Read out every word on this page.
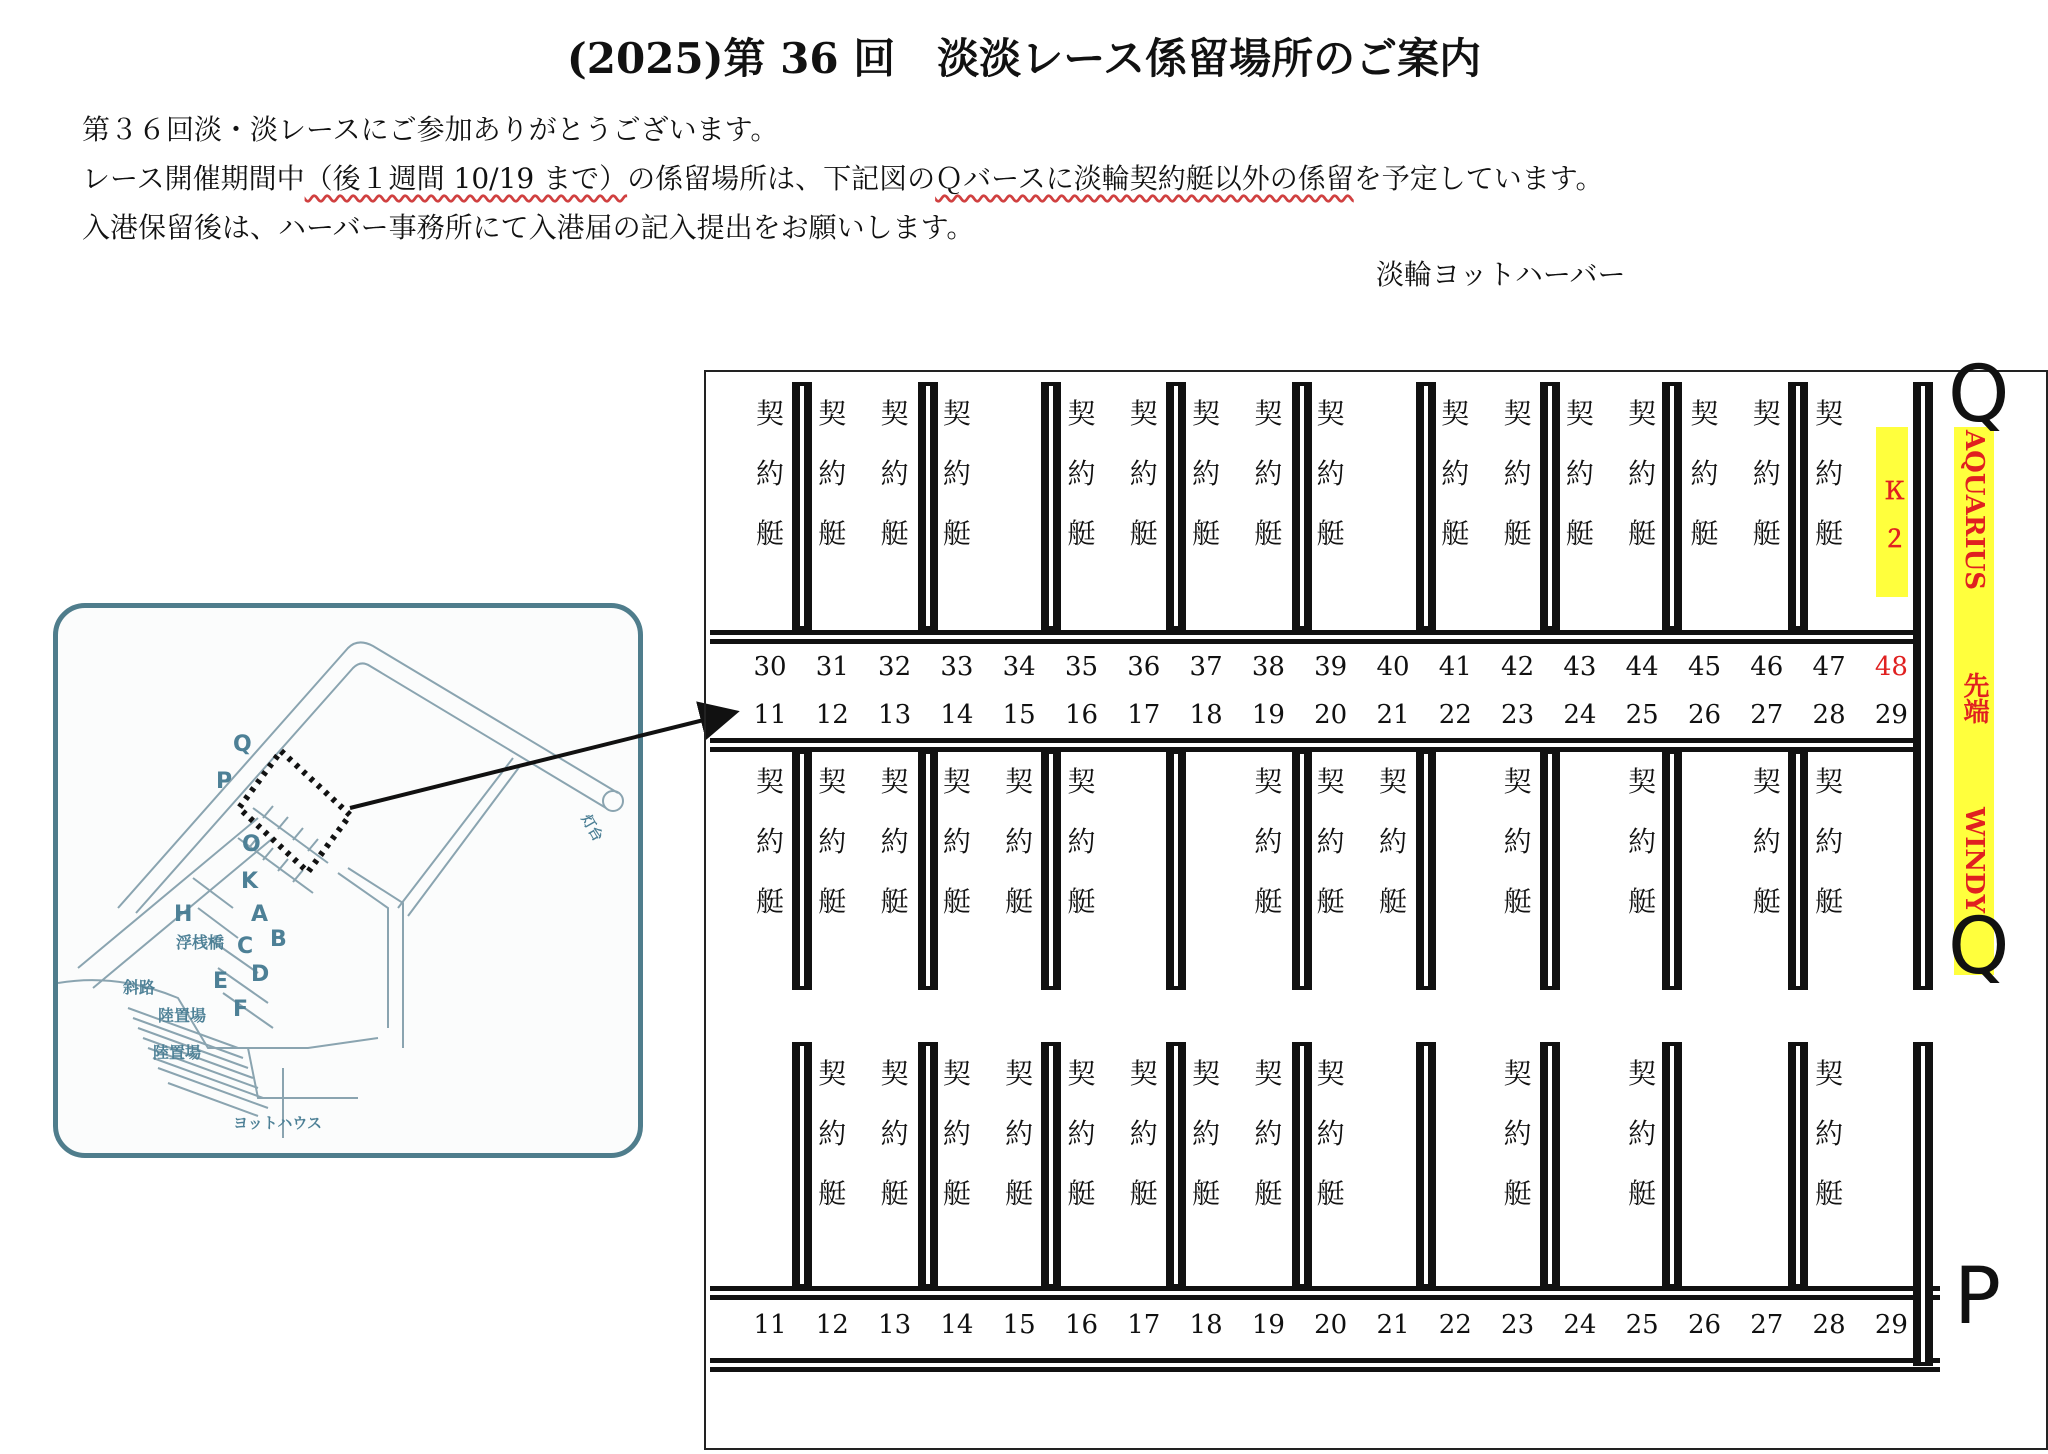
(2025)第 36 回　淡淡レース係留場所のご案内
第３６回淡・淡レースにご参加ありがとうございます。
レース開催期間中（後１週間 10/19 まで）の係留場所は、下記図のＱバースに淡輪契約艇以外の係留を予定しています。
入港保留後は、ハーバー事務所にて入港届の記入提出をお願いします。
淡輪ヨットハーバー
Q
P
O
K
H	A
B
C
D
E
F
浮桟橋
斜路
陸置場
陸置場
ヨットハウス
灯台
契
約
艇
契
約
艇
契
約
艇
契
約
艇
契
約
艇
契
約
艇
契
約
艇
契
約
艇
契
約
艇
契
約
艇
契
約
艇
契
約
艇
契
約
艇
契
約
艇
契
約
艇
契
約
艇
契
約
艇
契
約
艇
契
約
艇
契
約
艇
契
約
艇
契
約
艇
契
約
艇
契
約
艇
契
約
艇
契
約
艇
契
約
艇
契
約
艇
契
約
艇
契
約
艇
契
約
艇
契
約
艇
契
約
艇
契
約
艇
契
約
艇
契
約
艇
契
約
艇
契
約
艇
契
約
艇
契
約
艇
契
約
艇
30	31	32	33	34	35	36	37	38	39	40	41	42	43	44	45	46	47	48
11	12	13	14	15	16	17	18	19	20	21	22	23	24	25	26	27	28	29
11	12	13	14	15	16	17	18	19	20	21	22	23	24	25	26	27	28	29
Ｋ　２ AQUARIUS
先端
WINDY
Q
Q
P
